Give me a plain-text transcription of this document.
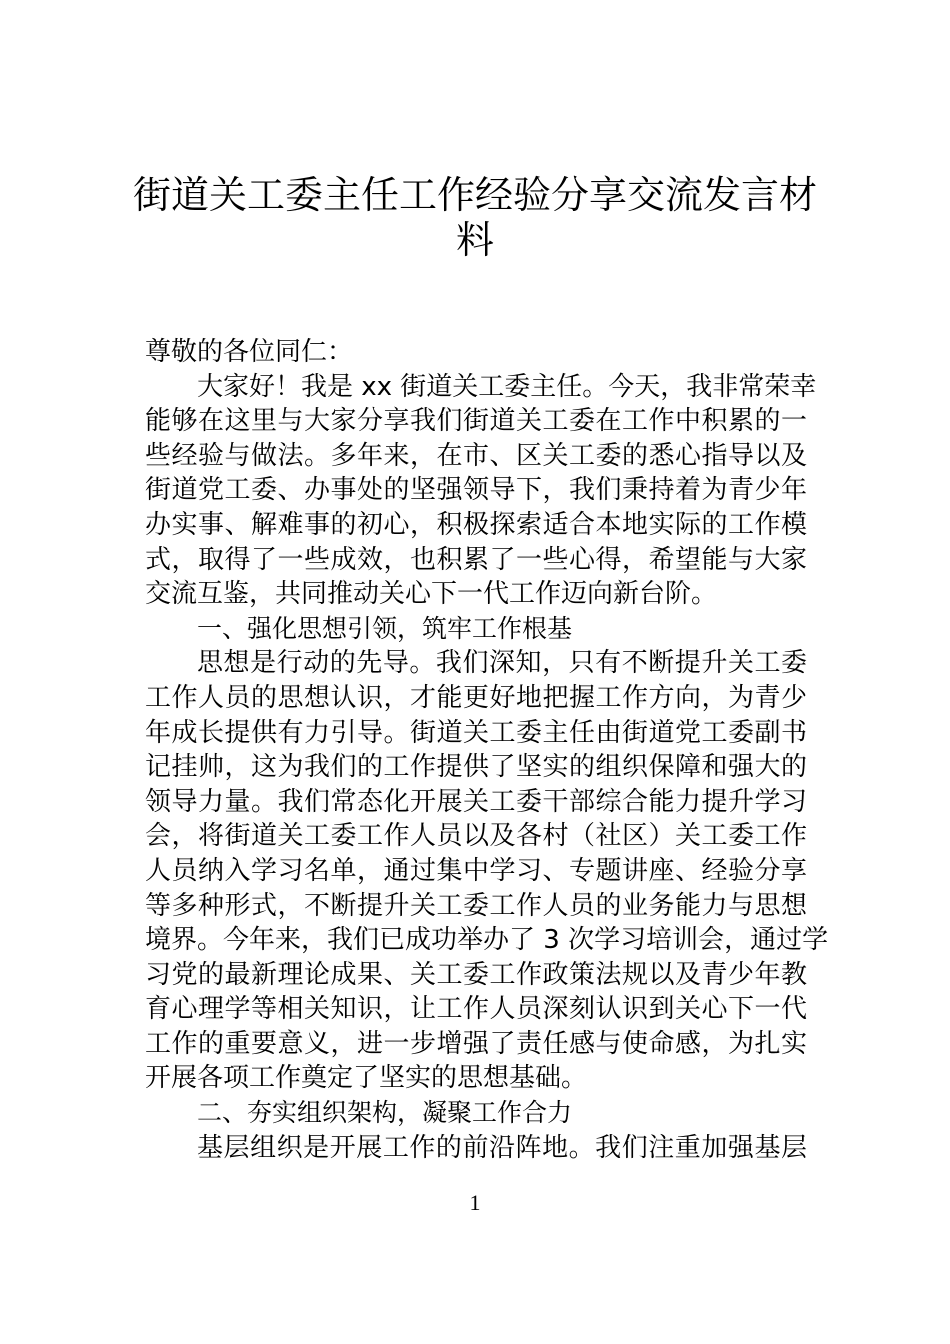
街道关工委主任工作经验分享交流发言材
料
尊敬的各位同仁：
大家好！我是 xx 街道关工委主任。今天，我非常荣幸
能够在这里与大家分享我们街道关工委在工作中积累的一
些经验与做法。多年来，在市、区关工委的悉心指导以及
街道党工委、办事处的坚强领导下，我们秉持着为青少年
办实事、解难事的初心，积极探索适合本地实际的工作模
式，取得了一些成效，也积累了一些心得，希望能与大家
交流互鉴，共同推动关心下一代工作迈向新台阶。
一、强化思想引领，筑牢工作根基
思想是行动的先导。我们深知，只有不断提升关工委
工作人员的思想认识，才能更好地把握工作方向，为青少
年成长提供有力引导。街道关工委主任由街道党工委副书
记挂帅，这为我们的工作提供了坚实的组织保障和强大的
领导力量。我们常态化开展关工委干部综合能力提升学习
会，将街道关工委工作人员以及各村（社区）关工委工作
人员纳入学习名单，通过集中学习、专题讲座、经验分享
等多种形式，不断提升关工委工作人员的业务能力与思想
境界。今年来，我们已成功举办了 3 次学习培训会，通过学
习党的最新理论成果、关工委工作政策法规以及青少年教
育心理学等相关知识，让工作人员深刻认识到关心下一代
工作的重要意义，进一步增强了责任感与使命感，为扎实
开展各项工作奠定了坚实的思想基础。
二、夯实组织架构，凝聚工作合力
基层组织是开展工作的前沿阵地。我们注重加强基层
1
